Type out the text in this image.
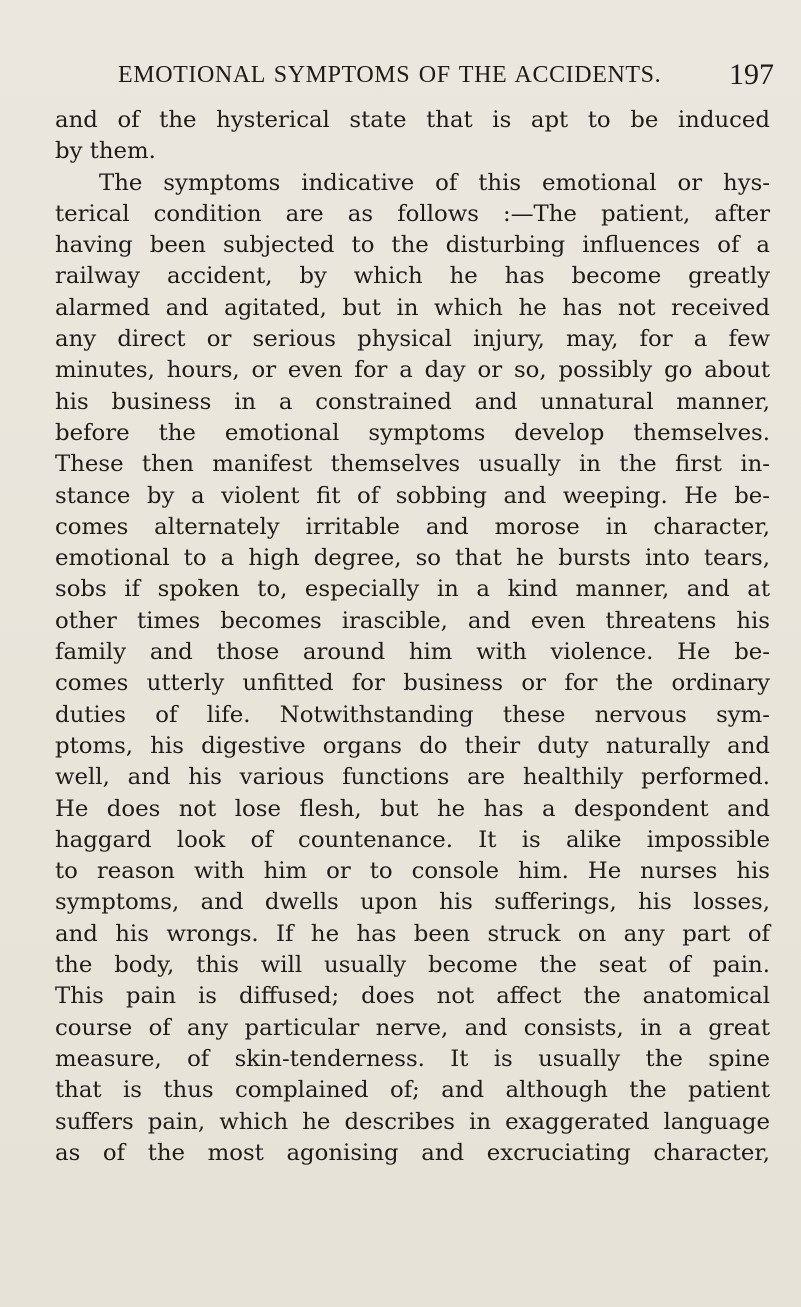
EMOTIONAL SYMPTOMS OF THE ACCIDENTS. 197
and of the hysterical state that is apt to be induced
by them.
The symptoms indicative of this emotional or hys-
terical condition are as follows :—The patient, after
having been subjected to the disturbing influences of a
railway accident, by which he has become greatly
alarmed and agitated, but in which he has not received
any direct or serious physical injury, may, for a few
minutes, hours, or even for a day or so, possibly go about
his business in a constrained and unnatural manner,
before the emotional symptoms develop themselves.
These then manifest themselves usually in the first in-
stance by a violent fit of sobbing and weeping. He be-
comes alternately irritable and morose in character,
emotional to a high degree, so that he bursts into tears,
sobs if spoken to, especially in a kind manner, and at
other times becomes irascible, and even threatens his
family and those around him with violence. He be-
comes utterly unfitted for business or for the ordinary
duties of life. Notwithstanding these nervous sym-
ptoms, his digestive organs do their duty naturally and
well, and his various functions are healthily performed.
He does not lose flesh, but he has a despondent and
haggard look of countenance. It is alike impossible
to reason with him or to console him. He nurses his
symptoms, and dwells upon his sufferings, his losses,
and his wrongs. If he has been struck on any part of
the body, this will usually become the seat of pain.
This pain is diffused; does not affect the anatomical
course of any particular nerve, and consists, in a great
measure, of skin-tenderness. It is usually the spine
that is thus complained of; and although the patient
suffers pain, which he describes in exaggerated language
as of the most agonising and excruciating character,
